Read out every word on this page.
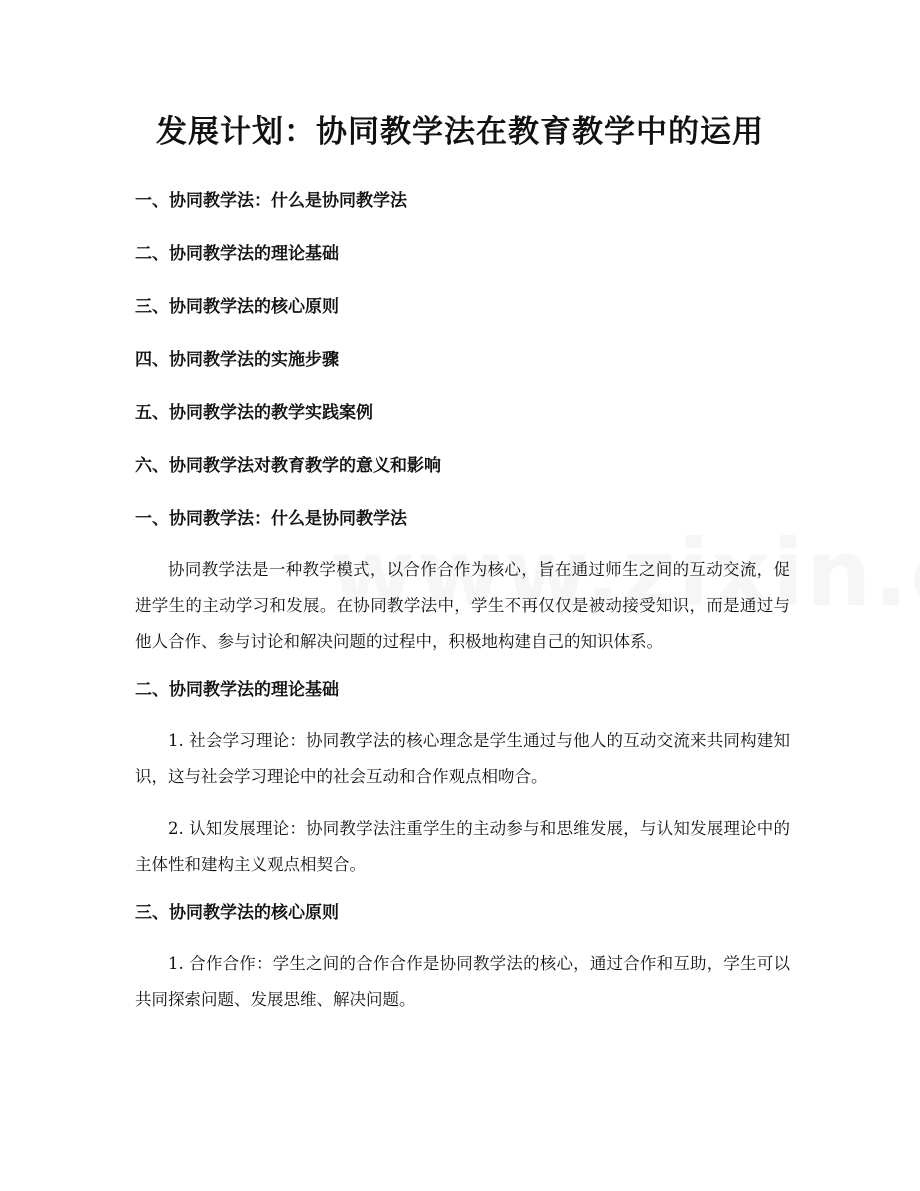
发展计划：协同教学法在教育教学中的运用
一、协同教学法：什么是协同教学法
二、协同教学法的理论基础
三、协同教学法的核心原则
四、协同教学法的实施步骤
五、协同教学法的教学实践案例
六、协同教学法对教育教学的意义和影响
一、协同教学法：什么是协同教学法

协同教学法是一种教学模式，以合作合作为核心，旨在通过师生之间的互动交流，促进学生的主动学习和发展。在协同教学法中，学生不再仅仅是被动接受知识，而是通过与他人合作、参与讨论和解决问题的过程中，积极地构建自己的知识体系。

二、协同教学法的理论基础

1. 社会学习理论：协同教学法的核心理念是学生通过与他人的互动交流来共同构建知识，这与社会学习理论中的社会互动和合作观点相吻合。

2. 认知发展理论：协同教学法注重学生的主动参与和思维发展，与认知发展理论中的主体性和建构主义观点相契合。

三、协同教学法的核心原则

1. 合作合作：学生之间的合作合作是协同教学法的核心，通过合作和互助，学生可以共同探索问题、发展思维、解决问题。
